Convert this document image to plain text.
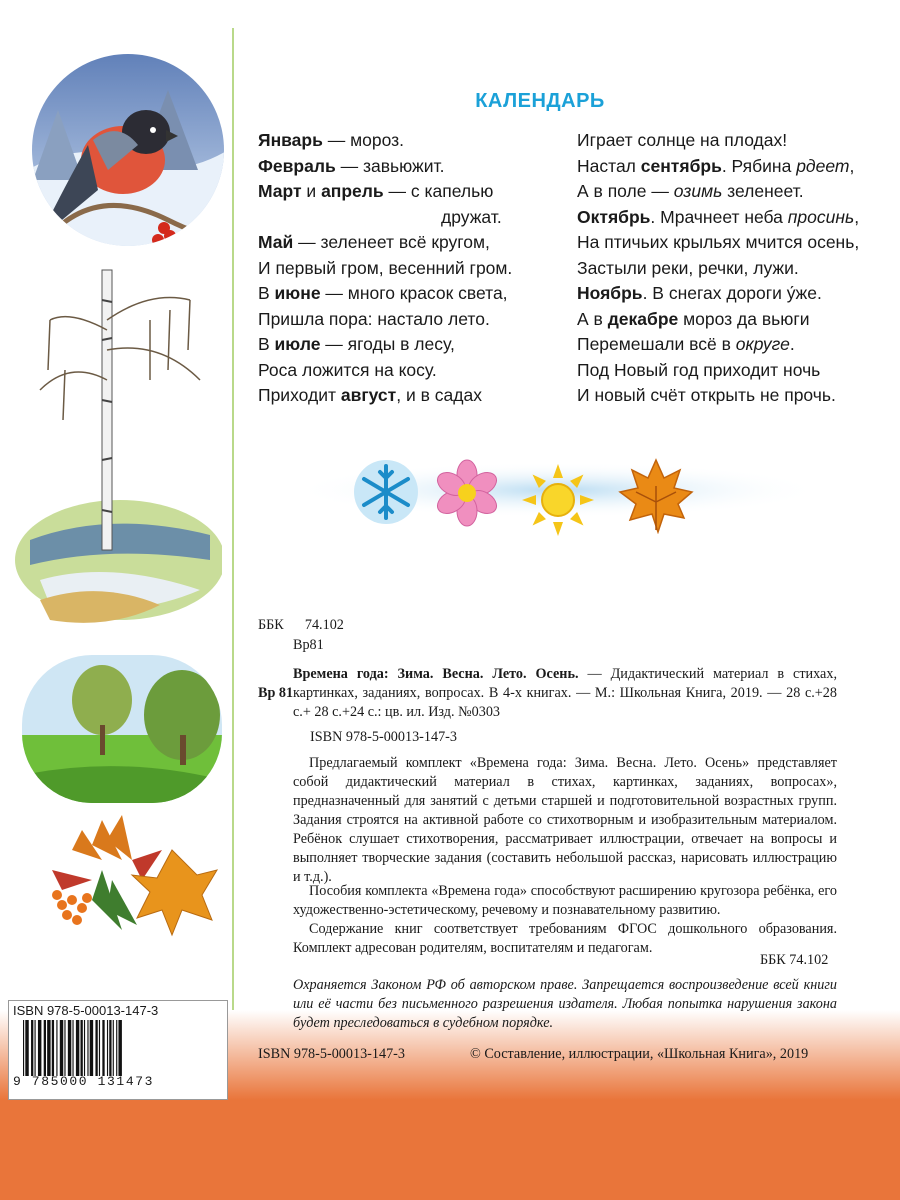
КАЛЕНДАРЬ
Январь — мороз.
Февраль — завьюжит.
Март и апрель — с капелью
дружат.
Май — зеленеет всё кругом,
И первый гром, весенний гром.
В июне — много красок света,
Пришла пора: настало лето.
В июле — ягоды в лесу,
Роса ложится на косу.
Приходит август, и в садах
Играет солнце на плодах!
Настал сентябрь. Рябина рдеет,
А в поле — озимь зеленеет.
Октябрь. Мрачнеет неба просинь,
На птичьих крыльях мчится осень,
Застыли реки, речки, лужи.
Ноябрь. В снегах дороги у́же.
А в декабре мороз да вьюги
Перемешали всё в округе.
Под Новый год приходит ночь
И новый счёт открыть не прочь.
ББК 74.102
Вр81
Вр 81
Времена года: Зима. Весна. Лето. Осень. — Дидактический материал в стихах, картинках, заданиях, вопросах. В 4-х книгах. — М.: Школьная Книга, 2019. — 28 с.+28 с.+ 28 с.+24 с.: цв. ил. Изд. №0303
ISBN 978-5-00013-147-3
Предлагаемый комплект «Времена года: Зима. Весна. Лето. Осень» представляет собой дидактический материал в стихах, картинках, заданиях, вопросах», предназначенный для занятий с детьми старшей и подготовительной возрастных групп. Задания строятся на активной работе со стихотворным и изобразительным материалом. Ребёнок слушает стихотворения, рассматривает иллюстрации, отвечает на вопросы и выполняет творческие задания (составить небольшой рассказ, нарисовать иллюстрацию и т.д.).
Пособия комплекта «Времена года» способствуют расширению кругозора ребёнка, его художественно-эстетическому, речевому и познавательному развитию.
Содержание книг соответствует требованиям ФГОС дошкольного образования. Комплект адресован родителям, воспитателям и педагогам.
ББК 74.102
Охраняется Законом РФ об авторском праве. Запрещается воспроизведение всей книги или её части без письменного разрешения издателя. Любая попытка нарушения закона будет преследоваться в судебном порядке.
ISBN 978-5-00013-147-3	© Составление, иллюстрации, «Школьная Книга», 2019
ISBN 978-5-00013-147-3
9 785000 131473
